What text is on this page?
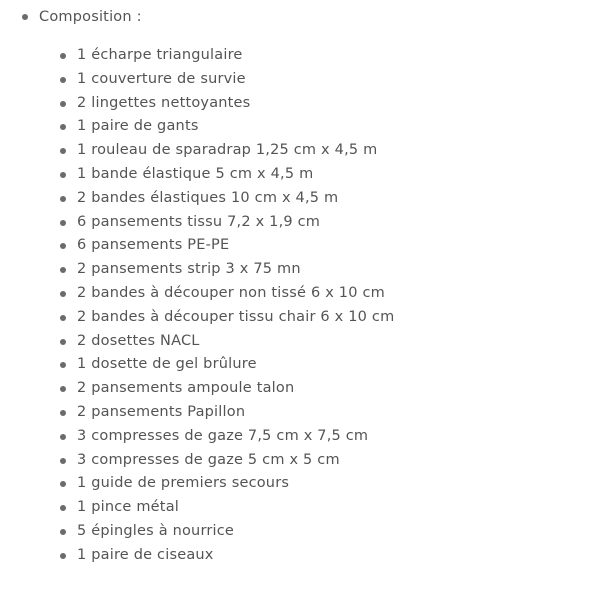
Composition :
1 écharpe triangulaire
1 couverture de survie
2 lingettes nettoyantes
1 paire de gants
1 rouleau de sparadrap 1,25 cm x 4,5 m
1 bande élastique 5 cm x 4,5 m
2 bandes élastiques 10 cm x 4,5 m
6 pansements tissu 7,2 x 1,9 cm
6 pansements PE-PE
2 pansements strip 3 x 75 mn
2 bandes à découper non tissé 6 x 10 cm
2 bandes à découper tissu chair 6 x 10 cm
2 dosettes NACL
1 dosette de gel brûlure
2 pansements ampoule talon
2 pansements Papillon
3 compresses de gaze 7,5 cm x 7,5 cm
3 compresses de gaze 5 cm x 5 cm
1 guide de premiers secours
1 pince métal
5 épingles à nourrice
1 paire de ciseaux
